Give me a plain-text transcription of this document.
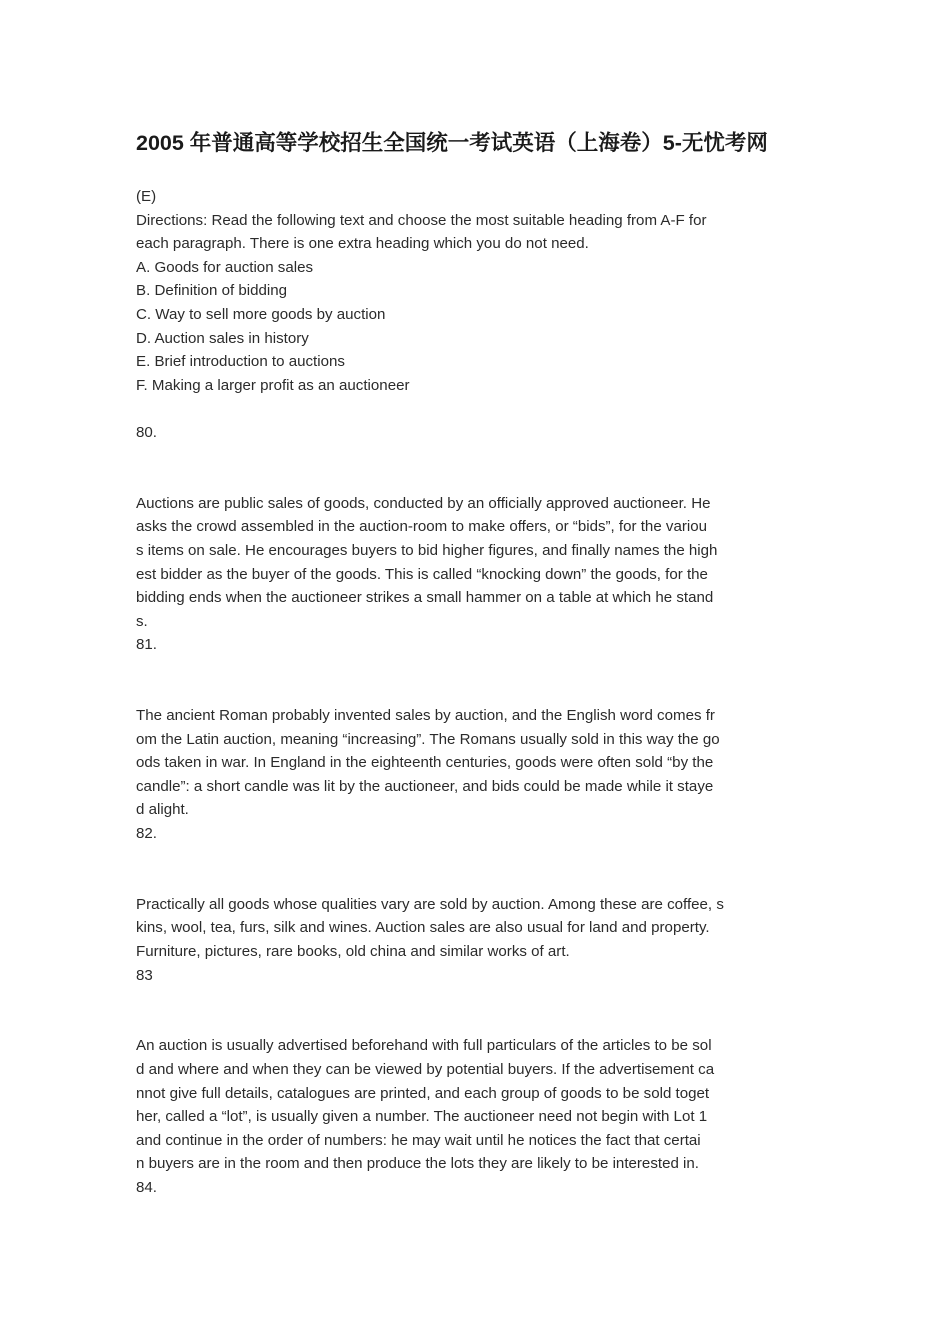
2005 年普通高等学校招生全国统一考试英语（上海卷）5-无忧考网
(E)
Directions: Read the following text and choose the most suitable heading from A-F for
each paragraph. There is one extra heading which you do not need.
A. Goods for auction sales
B. Definition of bidding
C. Way to sell more goods by auction
D. Auction sales in history
E. Brief introduction to auctions
F. Making a larger profit as an auctioneer
80.
Auctions are public sales of goods, conducted by an officially approved auctioneer. He
asks the crowd assembled in the auction-room to make offers, or “bids”, for the variou
s items on sale. He encourages buyers to bid higher figures, and finally names the high
est bidder as the buyer of the goods. This is called “knocking down” the goods, for the
bidding ends when the auctioneer strikes a small hammer on a table at which he stand
s.
81.
The ancient Roman probably invented sales by auction, and the English word comes fr
om the Latin auction, meaning “increasing”. The Romans usually sold in this way the go
ods taken in war. In England in the eighteenth centuries, goods were often sold “by the
candle”: a short candle was lit by the auctioneer, and bids could be made while it staye
d alight.
82.
Practically all goods whose qualities vary are sold by auction. Among these are coffee, s
kins, wool, tea, furs, silk and wines. Auction sales are also usual for land and property.
Furniture, pictures, rare books, old china and similar works of art.
83
An auction is usually advertised beforehand with full particulars of the articles to be sol
d and where and when they can be viewed by potential buyers. If the advertisement ca
nnot give full details, catalogues are printed, and each group of goods to be sold toget
her, called a “lot”, is usually given a number. The auctioneer need not begin with Lot 1
and continue in the order of numbers: he may wait until he notices the fact that certai
n buyers are in the room and then produce the lots they are likely to be interested in.
84.
